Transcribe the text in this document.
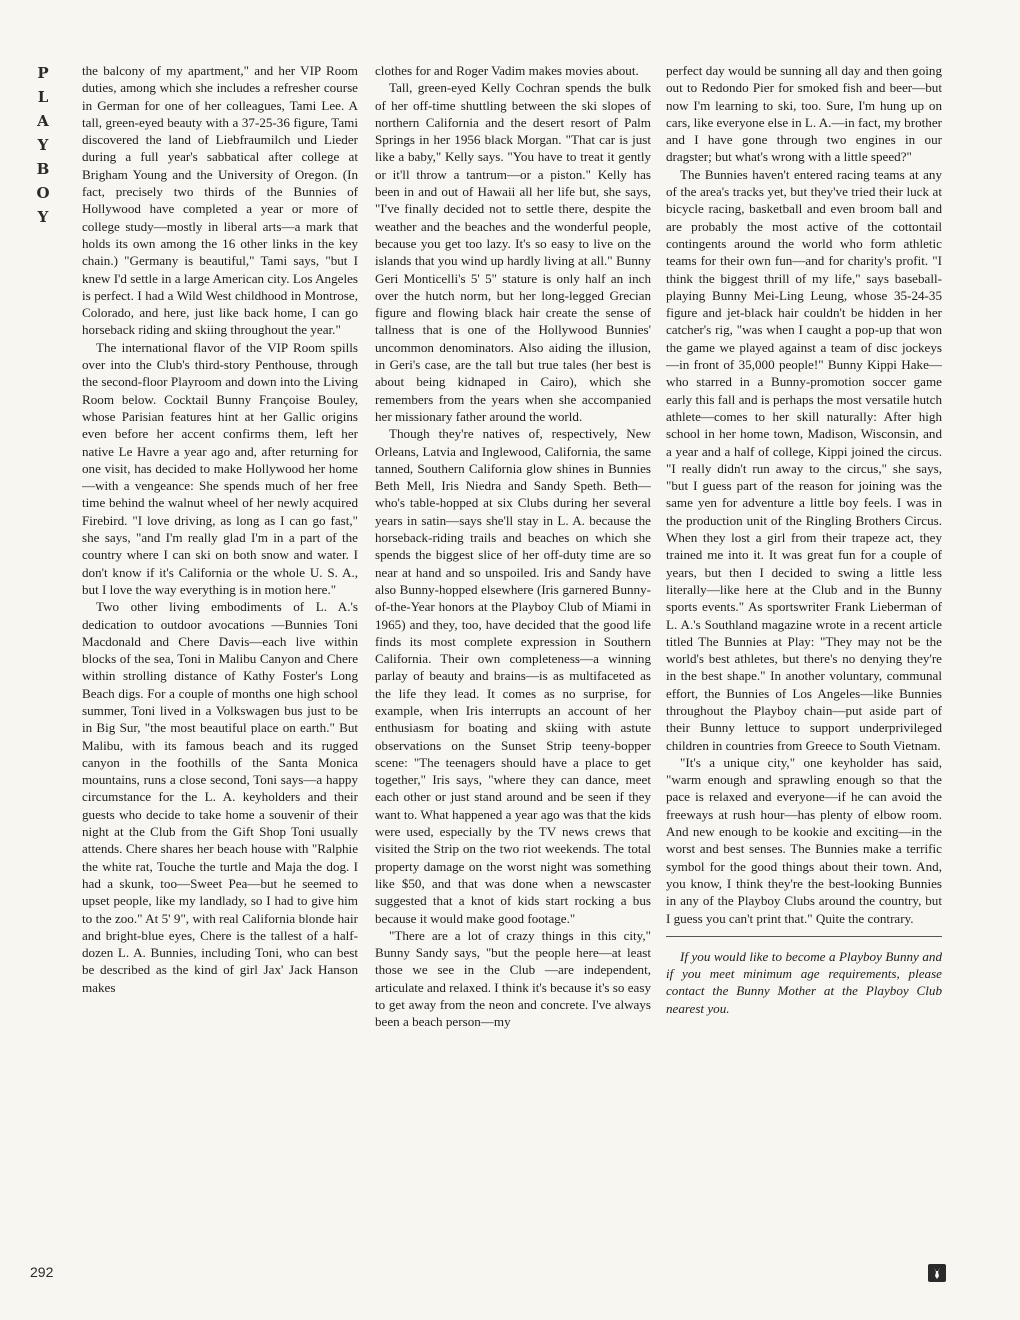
P
L
A
Y
B
O
Y

the balcony of my apartment," and her VIP Room duties, among which she includes a refresher course in German for one of her colleagues, Tami Lee. A tall, green-eyed beauty with a 37-25-36 figure, Tami discovered the land of Liebfraumilch und Lieder during a full year's sabbatical after college at Brigham Young and the University of Oregon. (In fact, precisely two thirds of the Bunnies of Hollywood have completed a year or more of college study—mostly in liberal arts—a mark that holds its own among the 16 other links in the key chain.) "Germany is beautiful," Tami says, "but I knew I'd settle in a large American city. Los Angeles is perfect. I had a Wild West childhood in Montrose, Colorado, and here, just like back home, I can go horseback riding and skiing throughout the year."

The international flavor of the VIP Room spills over into the Club's third-story Penthouse, through the second-floor Playroom and down into the Living Room below. Cocktail Bunny Françoise Bouley, whose Parisian features hint at her Gallic origins even before her accent confirms them, left her native Le Havre a year ago and, after returning for one visit, has decided to make Hollywood her home—with a vengeance: She spends much of her free time behind the walnut wheel of her newly acquired Firebird. "I love driving, as long as I can go fast," she says, "and I'm really glad I'm in a part of the country where I can ski on both snow and water. I don't know if it's California or the whole U. S. A., but I love the way everything is in motion here."

Two other living embodiments of L. A.'s dedication to outdoor avocations —Bunnies Toni Macdonald and Chere Davis—each live within blocks of the sea, Toni in Malibu Canyon and Chere within strolling distance of Kathy Foster's Long Beach digs. For a couple of months one high school summer, Toni lived in a Volkswagen bus just to be in Big Sur, "the most beautiful place on earth." But Malibu, with its famous beach and its rugged canyon in the foothills of the Santa Monica mountains, runs a close second, Toni says—a happy circumstance for the L. A. keyholders and their guests who decide to take home a souvenir of their night at the Club from the Gift Shop Toni usually attends. Chere shares her beach house with "Ralphie the white rat, Touche the turtle and Maja the dog. I had a skunk, too—Sweet Pea—but he seemed to upset people, like my landlady, so I had to give him to the zoo." At 5' 9", with real California blonde hair and bright-blue eyes, Chere is the tallest of a half-dozen L. A. Bunnies, including Toni, who can best be described as the kind of girl Jax' Jack Hanson makes

clothes for and Roger Vadim makes movies about.

Tall, green-eyed Kelly Cochran spends the bulk of her off-time shuttling between the ski slopes of northern California and the desert resort of Palm Springs in her 1956 black Morgan. "That car is just like a baby," Kelly says. "You have to treat it gently or it'll throw a tantrum—or a piston." Kelly has been in and out of Hawaii all her life but, she says, "I've finally decided not to settle there, despite the weather and the beaches and the wonderful people, because you get too lazy. It's so easy to live on the islands that you wind up hardly living at all." Bunny Geri Monticelli's 5' 5" stature is only half an inch over the hutch norm, but her long-legged Grecian figure and flowing black hair create the sense of tallness that is one of the Hollywood Bunnies' uncommon denominators. Also aiding the illusion, in Geri's case, are the tall but true tales (her best is about being kidnaped in Cairo), which she remembers from the years when she accompanied her missionary father around the world.

Though they're natives of, respectively, New Orleans, Latvia and Inglewood, California, the same tanned, Southern California glow shines in Bunnies Beth Mell, Iris Niedra and Sandy Speth. Beth—who's table-hopped at six Clubs during her several years in satin—says she'll stay in L. A. because the horseback-riding trails and beaches on which she spends the biggest slice of her off-duty time are so near at hand and so unspoiled. Iris and Sandy have also Bunny-hopped elsewhere (Iris garnered Bunny-of-the-Year honors at the Playboy Club of Miami in 1965) and they, too, have decided that the good life finds its most complete expression in Southern California. Their own completeness—a winning parlay of beauty and brains—is as multifaceted as the life they lead. It comes as no surprise, for example, when Iris interrupts an account of her enthusiasm for boating and skiing with astute observations on the Sunset Strip teeny-bopper scene: "The teenagers should have a place to get together," Iris says, "where they can dance, meet each other or just stand around and be seen if they want to. What happened a year ago was that the kids were used, especially by the TV news crews that visited the Strip on the two riot weekends. The total property damage on the worst night was something like $50, and that was done when a newscaster suggested that a knot of kids start rocking a bus because it would make good footage."

"There are a lot of crazy things in this city," Bunny Sandy says, "but the people here—at least those we see in the Club —are independent, articulate and relaxed. I think it's because it's so easy to get away from the neon and concrete. I've always been a beach person—my

perfect day would be sunning all day and then going out to Redondo Pier for smoked fish and beer—but now I'm learning to ski, too. Sure, I'm hung up on cars, like everyone else in L. A.—in fact, my brother and I have gone through two engines in our dragster; but what's wrong with a little speed?"

The Bunnies haven't entered racing teams at any of the area's tracks yet, but they've tried their luck at bicycle racing, basketball and even broom ball and are probably the most active of the cottontail contingents around the world who form athletic teams for their own fun—and for charity's profit. "I think the biggest thrill of my life," says baseball-playing Bunny Mei-Ling Leung, whose 35-24-35 figure and jet-black hair couldn't be hidden in her catcher's rig, "was when I caught a pop-up that won the game we played against a team of disc jockeys—in front of 35,000 people!" Bunny Kippi Hake—who starred in a Bunny-promotion soccer game early this fall and is perhaps the most versatile hutch athlete—comes to her skill naturally: After high school in her home town, Madison, Wisconsin, and a year and a half of college, Kippi joined the circus. "I really didn't run away to the circus," she says, "but I guess part of the reason for joining was the same yen for adventure a little boy feels. I was in the production unit of the Ringling Brothers Circus. When they lost a girl from their trapeze act, they trained me into it. It was great fun for a couple of years, but then I decided to swing a little less literally—like here at the Club and in the Bunny sports events." As sportswriter Frank Lieberman of L. A.'s Southland magazine wrote in a recent article titled The Bunnies at Play: "They may not be the world's best athletes, but there's no denying they're in the best shape." In another voluntary, communal effort, the Bunnies of Los Angeles—like Bunnies throughout the Playboy chain—put aside part of their Bunny lettuce to support underprivileged children in countries from Greece to South Vietnam.

"It's a unique city," one keyholder has said, "warm enough and sprawling enough so that the pace is relaxed and everyone—if he can avoid the freeways at rush hour—has plenty of elbow room. And new enough to be kookie and exciting—in the worst and best senses. The Bunnies make a terrific symbol for the good things about their town. And, you know, I think they're the best-looking Bunnies in any of the Playboy Clubs around the country, but I guess you can't print that." Quite the contrary.

If you would like to become a Playboy Bunny and if you meet minimum age requirements, please contact the Bunny Mother at the Playboy Club nearest you.

292
